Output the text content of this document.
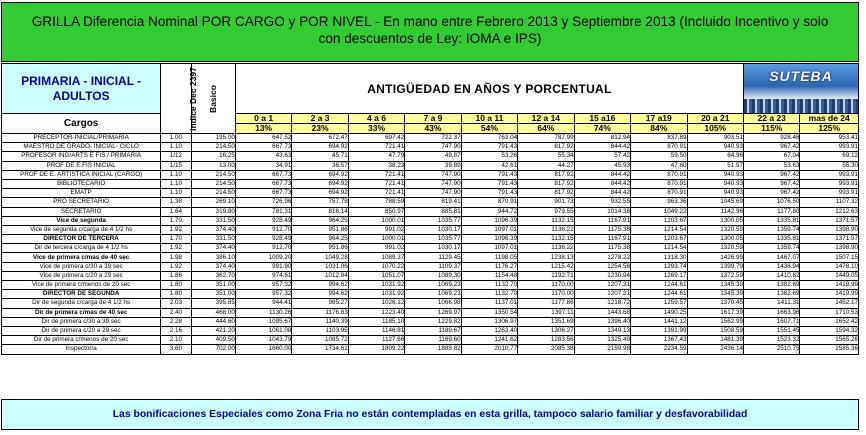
GRILLA Diferencia Nominal POR CARGO y POR NIVEL - En mano entre Febrero 2013 y Septiembre 2013 (Incluido Incentivo y solo
con descuentos de Ley: IOMA e IPS)
PRIMARIA - INICIAL -
ADULTOS	Indice Dec 2397	Basico	ANTIGÜEDAD EN AÑOS Y PORCENTUAL									SUTEBA	

Cargos			0 a 1	2 a 3	4 a 6	7 a 9	10 a 11	12 a 14	15 a16	17 a19	20 a 21	22 a 23	mas de 24
			13%	23%	33%	43%	54%	64%	74%	84%	105%	115%	125%
PRECEPTOR-INICIAL/PRIMARIA	1.00	195.00	647.52	672.47	697.42	722.37	763.04	787.99	812.94	837.89	903.51	928.46	953.41
MAESTRO DE GRADO- INICIAL- CICLO	1.10	214.50	667.73	694.92	721.41	747.90	791.43	817.92	844.42	870.91	940.93	967.42	993.91
PROFESOR ING/ARTS E FIS / PRIMARIA	1/12	16.25	43.63	45.71	47.79	49.87	53.26	55.34	57.42	59.50	64.96	67.04	69.12
PROF DE E.FIS INICIAL	1/15	13.00	34.91	36.57	38.23	39.89	42.61	44.27	45.93	47.60	51.97	53.63	55.30
PROF DE E. ARTISTICA INICIAL (CARGO)	1.10	214.50	667.73	694.92	721.41	747.90	791.43	817.92	844.42	870.91	940.93	967.42	993.91
BIBLIOTECARIO	1.10	214.50	667.73	694.92	721.41	747.90	791.43	817.92	844.42	870.91	940.93	967.42	993.91
EMATP	1.10	214.50	667.73	694.92	721.41	747.90	791.43	817.92	844.42	870.91	940.93	967.42	993.91
PRO SECRETARIO	1.38	269.10	726.96	757.78	788.59	819.41	870.91	901.73	932.55	963.36	1045.69	1076.50	1107.32
SECRETARIO	1.64	319.80	781.31	816.14	850.97	885.81	944.72	979.55	1014.38	1049.22	1142.96	1177.80	1212.63
Vice de segunda	1.70	331.50	928.49	964.25	1000.01	1035.77	1096.39	1132.15	1167.91	1203.67	1300.05	1335.81	1371.57
Vice de segunda c/carga de 4 1/2 hs	1.92	374.40	912.70	951.86	991.02	1030.17	1097.01	1136.22	1175.38	1214.54	1320.59	1359.74	1398.90
DIRECTOR DE TERCERA	1.70	331.50	928.49	964.25	1000.01	1035.77	1096.39	1132.15	1167.91	1203.67	1300.05	1335.81	1371.57
Dir de tercera c/carga de 4 1/2 hs	1.92	374.40	912.70	951.86	991.02	1030.17	1097.01	1136.22	1175.38	1214.54	1320.59	1359.74	1398.90
Vice de primera c/mas de 40 sec	1.98	386.10	1009.20	1049.28	1089.37	1129.45	1198.05	1238.13	1278.22	1318.30	1426.99	1467.07	1507.15
Vice de primera c/30 a 39 sec	1.92	374.40	991.90	1031.06	1070.22	1109.37	1176.27	1215.42	1254.58	1293.74	1399.79	1438.94	1478.10
Vice de primera c/20 a 29 sec	1.86	362.70	974.61	1012.84	1051.07	1089.30	1154.48	1192.71	1230.94	1269.17	1372.59	1410.82	1449.05
Vice de primera c/menos de 20 sec	1.80	351.00	957.32	994.62	1031.92	1069.23	1132.70	1170.00	1207.31	1244.61	1345.39	1382.69	1419.99
DIRECTOR DE SEGUNDA	1.80	351.00	957.32	994.62	1031.92	1069.23	1132.70	1170.00	1207.31	1244.61	1345.39	1382.69	1419.99
Dir de segunda c/carga de 4 1/2 hs	2.03	395.85	944.41	985.27	1026.12	1066.98	1137.01	1177.86	1218.72	1259.57	1370.45	1411.31	1452.17
Dir de primera c/mas de 40 sec	2.40	468.00	1130.26	1176.83	1223.40	1269.97	1350.54	1397.11	1443.68	1490.25	1617.39	1663.96	1710.53
Dir de primera c/30 a 39 sec	2.28	444.60	1095.67	1140.39	1185.10	1229.82	1306.97	1351.69	1396.40	1441.12	1562.99	1607.71	1652.42
Dir de primera c/20 a 29 sec	2.16	421.20	1061.08	1103.95	1146.81	1189.67	1263.40	1306.27	1349.13	1391.99	1508.59	1551.45	1594.32
Dir de primera c/menos de 20 sec	2.10	409.50	1043.79	1085.72	1127.66	1169.60	1241.62	1283.56	1325.49	1367.43	1481.39	1523.32	1565.26
Inspector/a	3.60	702.00	1660.00	1734.61	1809.22	1883.82	2010.77	2085.38	2159.98	2234.59	2436.14	2510.75	2585.36
Las bonificaciones Especiales como Zona Fria no están contempladas en esta grilla, tampoco salario familiar y desfavorabilidad
